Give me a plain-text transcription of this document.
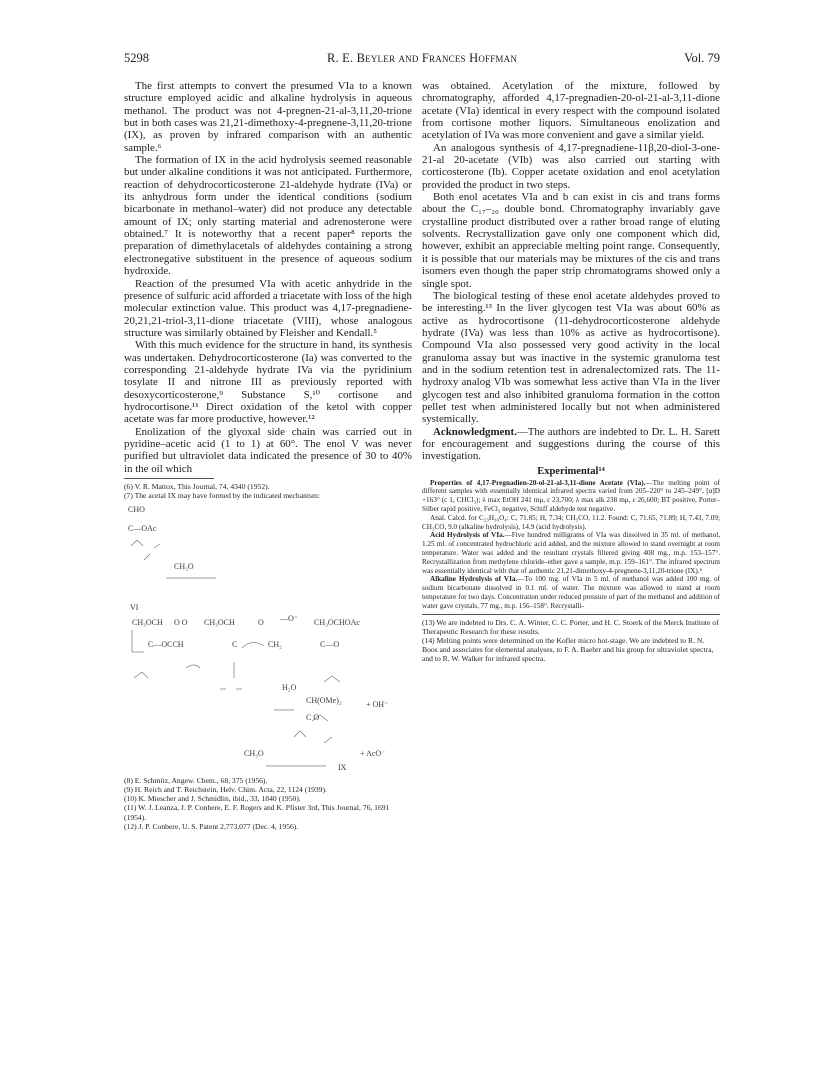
5298	R. E. Beyler and Frances Hoffman	Vol. 79

The first attempts to convert the presumed VIa to a known structure employed acidic and alkaline hydrolysis in aqueous methanol. The product was not 4-pregnen-21-al-3,11,20-trione but in both cases was 21,21-dimethoxy-4-pregnene-3,11,20-trione (IX), as proven by infrared comparison with an authentic sample.⁶

The formation of IX in the acid hydrolysis seemed reasonable but under alkaline conditions it was not anticipated. Furthermore, reaction of dehydrocorticosterone 21-aldehyde hydrate (IVa) or its anhydrous form under the identical conditions (sodium bicarbonate in methanol–water) did not produce any detectable amount of IX; only starting material and adrenosterone were obtained.⁷ It is noteworthy that a recent paper⁸ reports the preparation of dimethylacetals of aldehydes containing a strong electronegative substituent in the presence of aqueous sodium hydroxide.

Reaction of the presumed VIa with acetic anhydride in the presence of sulfuric acid afforded a triacetate with loss of the high molecular extinction value. This product was 4,17-pregnadiene-20,21,21-triol-3,11-dione triacetate (VIII), whose analogous structure was similarly obtained by Fleisher and Kendall.⁵

With this much evidence for the structure in hand, its synthesis was undertaken. Dehydrocorticosterone (Ia) was converted to the corresponding 21-aldehyde hydrate IVa via the pyridinium tosylate II and nitrone III as previously reported with desoxycorticosterone,⁹ Substance S,¹⁰ cortisone and hydrocortisone.¹¹ Direct oxidation of the ketol with copper acetate was far more productive, however.¹²

Enolization of the glyoxal side chain was carried out in pyridine–acetic acid (1 to 1) at 60°. The enol V was never purified but ultraviolet data indicated the presence of 30 to 40% in the oil which

(6) V. R. Mattox, This Journal, 74, 4340 (1952).

(7) The acetal IX may have formed by the indicated mechanism:

CHO
C—OAc
CH₃O
VI
CH₃OCH O O CH₃OCH	O —O⁻ CH₃OCHOAc
C—OCCH	C	CH₂	C—O
H₂O
+ OH⁻
CH(OMe)₂
C O
CH₃O	+ AcO⁻
IX

(8) E. Schmitz, Angew. Chem., 68, 375 (1956).

(9) H. Reich and T. Reichstein, Helv. Chim. Acta, 22, 1124 (1939).

(10) K. Miescher and J. Schmidlin, ibid., 33, 1840 (1950).

(11) W. J. Leanza, J. P. Conbere, E. F. Rogers and K. Pfister 3rd, This Journal, 76, 1691 (1954).

(12) J. P. Conbere, U. S. Patent 2,773,077 (Dec. 4, 1956).

was obtained. Acetylation of the mixture, followed by chromatography, afforded 4,17-pregnadien-20-ol-21-al-3,11-dione acetate (VIa) identical in every respect with the compound isolated from cortisone mother liquors. Simultaneous enolization and acetylation of IVa was more convenient and gave a similar yield.

An analogous synthesis of 4,17-pregnadiene-11β,20-diol-3-one-21-al 20-acetate (VIb) was also carried out starting with corticosterone (Ib). Copper acetate oxidation and enol acetylation provided the product in two steps.

Both enol acetates VIa and b can exist in cis and trans forms about the C₁₇–₂₀ double bond. Chromatography invariably gave crystalline product distributed over a rather broad range of eluting solvents. Recrystallization gave only one component which did, however, exhibit an appreciable melting point range. Consequently, it is possible that our materials may be mixtures of the cis and trans isomers even though the paper strip chromatograms showed only a single spot.

The biological testing of these enol acetate aldehydes proved to be interesting.¹³ In the liver glycogen test VIa was about 60% as active as hydrocortisone (11-dehydrocorticosterone aldehyde hydrate (IVa) was less than 10% as active as hydrocortisone). Compound VIa also possessed very good activity in the local granuloma assay but was inactive in the systemic granuloma test and in the sodium retention test in adrenalectomized rats. The 11-hydroxy analog VIb was somewhat less active than VIa in the liver glycogen test and also inhibited granuloma formation in the cotton pellet test when administered locally but not when administered systemically.

Acknowledgment.—The authors are indebted to Dr. L. H. Sarett for encouragement and suggestions during the course of this investigation.

Experimental¹⁴

Properties of 4,17-Pregnadien-20-ol-21-al-3,11-dione Acetate (VIa).—The melting point of different samples with essentially identical infrared spectra varied from 205–220° to 245–249°, [α]D +163° (c 1, CHCl₃); λ max EtOH 241 mμ, ε 23,700; λ max alk 238 mμ, ε 26,600; BT positive, Porter–Silber rapid positive, FeCl₃ negative, Schiff aldehyde test negative.

Anal. Calcd. for C₂₃H₃₀O₄: C, 71.85; H, 7.34; CH₃CO, 11.2. Found: C, 71.65, 71.89; H, 7.43, 7.09; CH₃CO, 9.0 (alkaline hydrolysis), 14.9 (acid hydrolysis).

Acid Hydrolysis of VIa.—Five hundred milligrams of VIa was dissolved in 35 ml. of methanol, 1.25 ml. of concentrated hydrochloric acid added, and the mixture allowed to stand overnight at room temperature. Water was added and the resultant crystals filtered giving 408 mg., m.p. 153–157°. Recrystallization from methylene chloride–ether gave a sample, m.p. 159–161°. The infrared spectrum was essentially identical with that of authentic 21,21-dimethoxy-4-pregnene-3,11,20-trione (IX).⁶

Alkaline Hydrolysis of VIa.—To 100 mg. of VIa in 5 ml. of methanol was added 100 mg. of sodium bicarbonate dissolved in 0.1 ml. of water. The mixture was allowed to stand at room temperature for two days. Concentration under reduced pressure of part of the methanol and addition of water gave crystals, 77 mg., m.p. 156–158°. Recrystalli-

(13) We are indebted to Drs. C. A. Winter, C. C. Porter, and H. C. Stoerk of the Merck Institute of Therapeutic Research for these results.

(14) Melting points were determined on the Kofler micro hot-stage. We are indebted to R. N. Boos and associates for elemental analyses, to F. A. Baebrr and his group for ultraviolet spectra, and to R. W. Walker for infrared spectra.
